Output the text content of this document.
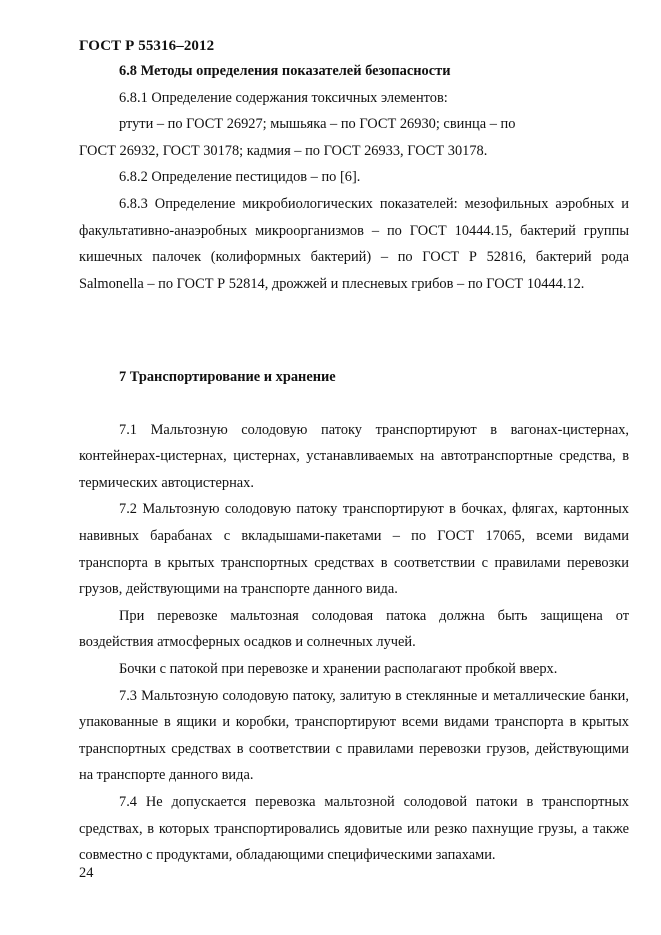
ГОСТ Р 55316–2012

6.8 Методы определения показателей безопасности

6.8.1 Определение содержания токсичных элементов:

ртути – по ГОСТ 26927; мышьяка – по ГОСТ 26930; свинца – по

ГОСТ 26932, ГОСТ 30178; кадмия – по ГОСТ 26933, ГОСТ 30178.

6.8.2 Определение пестицидов – по [6].

6.8.3 Определение микробиологических показателей: мезофильных аэробных и факультативно-анаэробных микроорганизмов – по ГОСТ 10444.15, бактерий группы кишечных палочек (колиформных бактерий) – по ГОСТ Р 52816, бактерий рода Salmonella – по ГОСТ Р 52814, дрожжей и плесневых грибов – по ГОСТ 10444.12.

7 Транспортирование и хранение

7.1 Мальтозную солодовую патоку транспортируют в вагонах-цистернах, контейнерах-цистернах, цистернах, устанавливаемых на автотранспортные средства, в термических автоцистернах.

7.2 Мальтозную солодовую патоку транспортируют в бочках, флягах, картонных навивных барабанах с вкладышами-пакетами – по ГОСТ 17065, всеми видами транспорта в крытых транспортных средствах в соответствии с правилами перевозки грузов, действующими на транспорте данного вида.

При перевозке мальтозная солодовая патока должна быть защищена от воздействия атмосферных осадков и солнечных лучей.

Бочки с патокой при перевозке и хранении располагают пробкой вверх.

7.3 Мальтозную солодовую патоку, залитую в стеклянные и металлические банки, упакованные в ящики и коробки, транспортируют всеми видами транспорта в крытых транспортных средствах в соответствии с правилами перевозки грузов, действующими на транспорте данного вида.

7.4 Не допускается перевозка мальтозной солодовой патоки в транспортных средствах, в которых транспортировались ядовитые или резко пахнущие грузы, а также совместно с продуктами, обладающими специфическими запахами.

24
